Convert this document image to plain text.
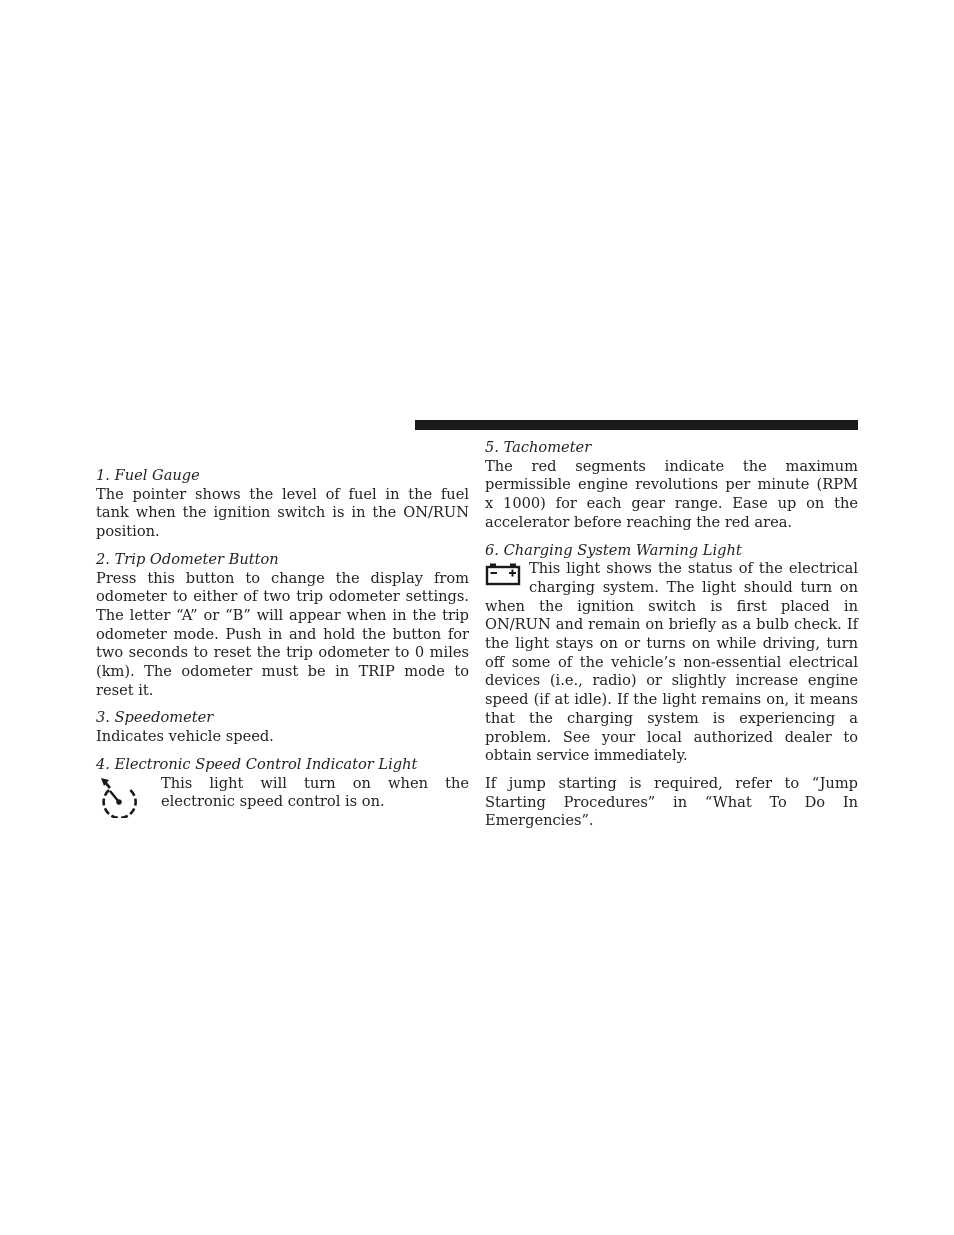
1. Fuel Gauge

The pointer shows the level of fuel in the fuel tank when the ignition switch is in the ON/RUN position.

2. Trip Odometer Button

Press this button to change the display from odometer to either of two trip odometer settings. The letter “A” or “B” will appear when in the trip odometer mode. Push in and hold the button for two seconds to reset the trip odometer to 0 miles (km). The odometer must be in TRIP mode to reset it.

3. Speedometer

Indicates vehicle speed.

4. Electronic Speed Control Indicator Light

This light will turn on when the electronic speed control is on.

5. Tachometer

The red segments indicate the maximum permissible engine revolutions per minute (RPM x 1000) for each gear range. Ease up on the accelerator before reaching the red area.

6. Charging System Warning Light

This light shows the status of the electrical charging system. The light should turn on when the ignition switch is first placed in ON/RUN and remain on briefly as a bulb check. If the light stays on or turns on while driving, turn off some of the vehicle’s non-essential electrical devices (i.e., radio) or slightly increase engine speed (if at idle). If the light remains on, it means that the charging system is experiencing a problem. See your local authorized dealer to obtain service immediately.

If jump starting is required, refer to “Jump Starting Procedures” in “What To Do In Emergencies”.
